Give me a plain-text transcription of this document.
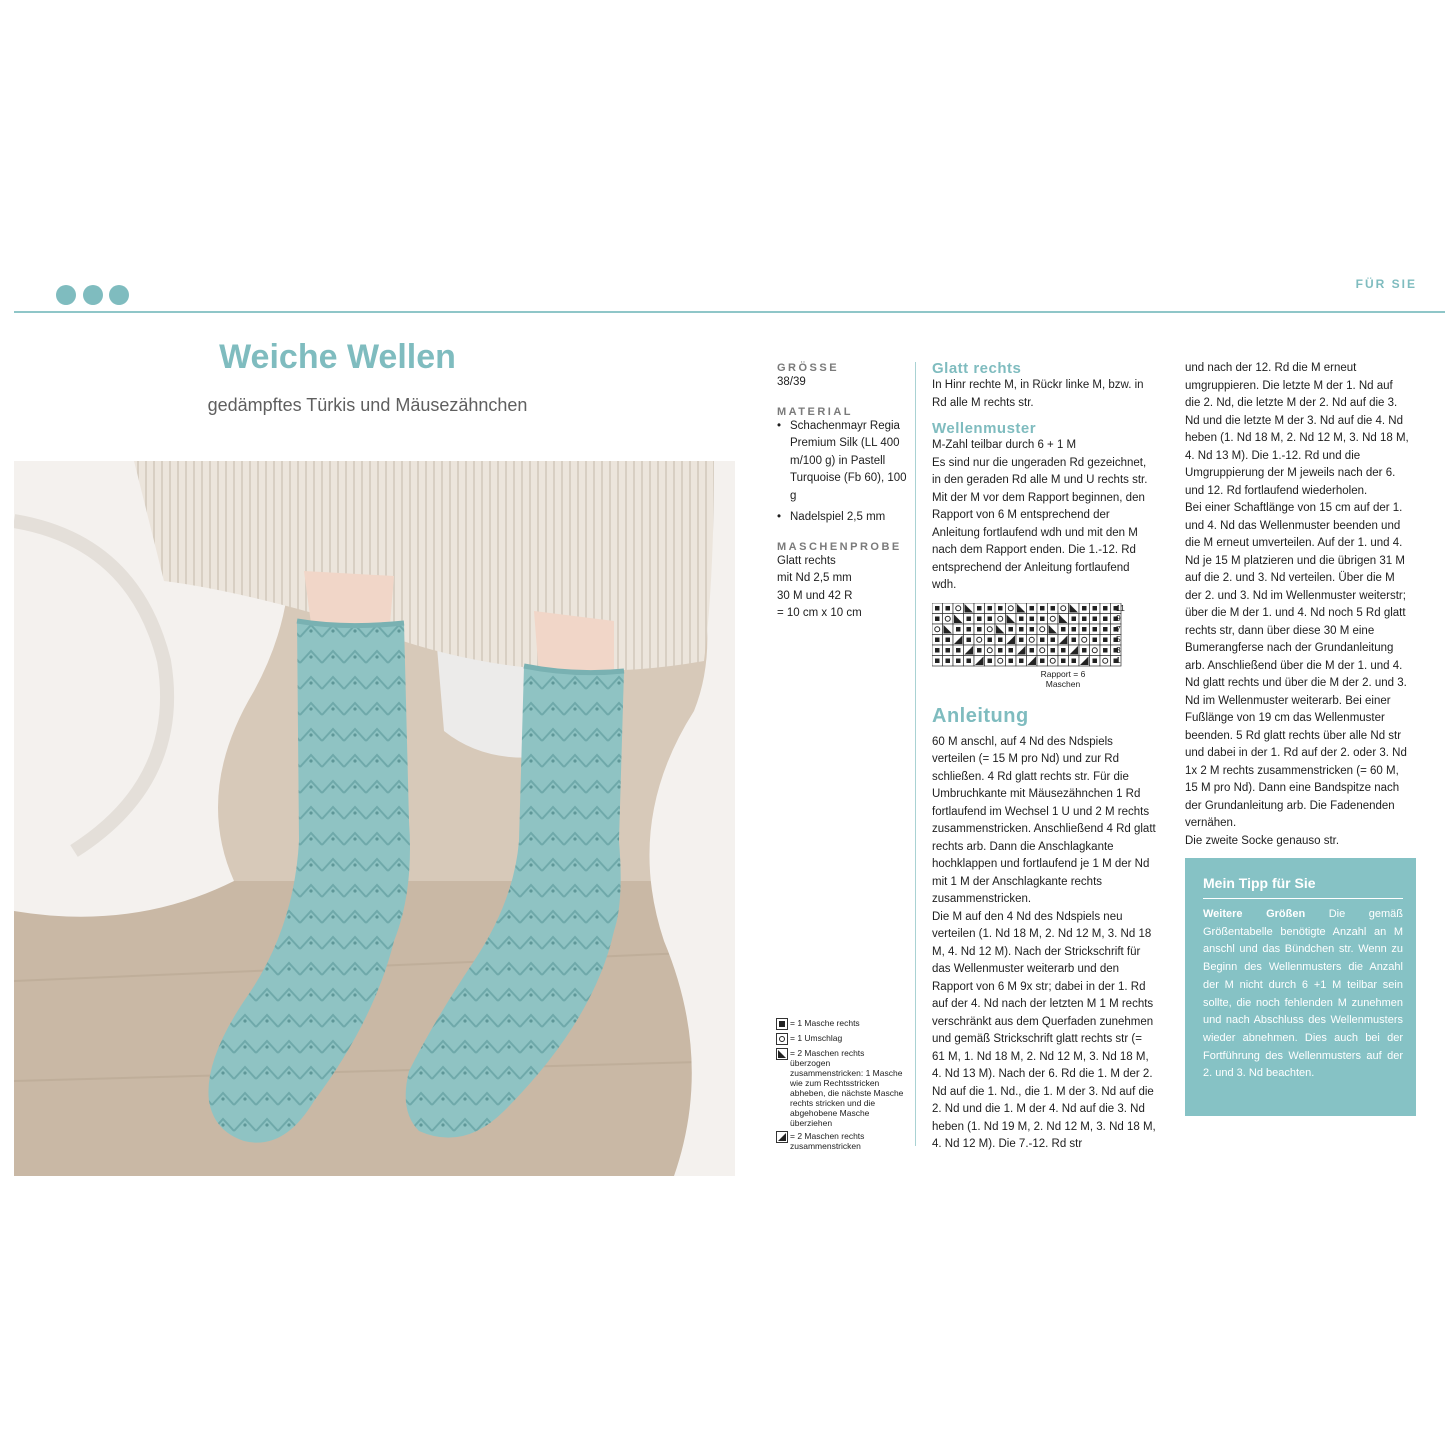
FÜR SIE
Weiche Wellen
gedämpftes Türkis und Mäusezähnchen
GRÖSSE
38/39
MATERIAL
• Schachenmayr Regia Premium Silk (LL 400 m/100 g) in Pastell Turquoise (Fb 60), 100 g
• Nadelspiel 2,5 mm
MASCHENPROBE
Glatt rechts
mit Nd 2,5 mm
30 M und 42 R
= 10 cm x 10 cm
= 1 Masche rechts
= 1 Umschlag
= 2 Maschen rechts überzogen zusammenstricken: 1 Masche wie zum Rechtsstricken abheben, die nächste Masche rechts stricken und die abgehobene Masche überziehen
= 2 Maschen rechts zusammenstricken
Glatt rechts
In Hinr rechte M, in Rückr linke M, bzw. in Rd alle M rechts str.
Wellenmuster
M-Zahl teilbar durch 6 + 1 M
Es sind nur die ungeraden Rd gezeichnet, in den geraden Rd alle M und U rechts str. Mit der M vor dem Rapport beginnen, den Rapport von 6 M entsprechend der Anleitung fortlaufend wdh und mit den M nach dem Rapport enden. Die 1.-12. Rd entsprechend der Anleitung fortlaufend wdh.
11
9
7
5
3
1
Rapport = 6 Maschen
Anleitung
60 M anschl, auf 4 Nd des Ndspiels verteilen (= 15 M pro Nd) und zur Rd schließen. 4 Rd glatt rechts str. Für die Umbruchkante mit Mäusezähnchen 1 Rd fortlaufend im Wechsel 1 U und 2 M rechts zusammenstricken. Anschließend 4 Rd glatt rechts arb. Dann die Anschlagkante hochklappen und fortlaufend je 1 M der Nd mit 1 M der Anschlagkante rechts zusammenstricken.
Die M auf den 4 Nd des Ndspiels neu verteilen (1. Nd 18 M, 2. Nd 12 M, 3. Nd 18 M, 4. Nd 12 M). Nach der Strickschrift für das Wellenmuster weiterarb und den Rapport von 6 M 9x str; dabei in der 1. Rd auf der 4. Nd nach der letzten M 1 M rechts verschränkt aus dem Querfaden zunehmen und gemäß Strickschrift glatt rechts str (= 61 M, 1. Nd 18 M, 2. Nd 12 M, 3. Nd 18 M, 4. Nd 13 M). Nach der 6. Rd die 1. M der 2. Nd auf die 1. Nd., die 1. M der 3. Nd auf die 2. Nd und die 1. M der 4. Nd auf die 3. Nd heben (1. Nd 19 M, 2. Nd 12 M, 3. Nd 18 M, 4. Nd 12 M). Die 7.-12. Rd str
und nach der 12. Rd die M erneut umgruppieren. Die letzte M der 1. Nd auf die 2. Nd, die letzte M der 2. Nd auf die 3. Nd und die letzte M der 3. Nd auf die 4. Nd heben (1. Nd 18 M, 2. Nd 12 M, 3. Nd 18 M, 4. Nd 13 M). Die 1.-12. Rd und die Umgruppierung der M jeweils nach der 6. und 12. Rd fortlaufend wiederholen.
Bei einer Schaftlänge von 15 cm auf der 1. und 4. Nd das Wellenmuster beenden und die M erneut umverteilen. Auf der 1. und 4. Nd je 15 M platzieren und die übrigen 31 M auf die 2. und 3. Nd verteilen. Über die M der 2. und 3. Nd im Wellenmuster weiterstr; über die M der 1. und 4. Nd noch 5 Rd glatt rechts str, dann über diese 30 M eine Bumerangferse nach der Grundanleitung arb. Anschließend über die M der 1. und 4. Nd glatt rechts und über die M der 2. und 3. Nd im Wellenmuster weiterarb. Bei einer Fußlänge von 19 cm das Wellenmuster beenden. 5 Rd glatt rechts über alle Nd str und dabei in der 1. Rd auf der 2. oder 3. Nd 1x 2 M rechts zusammenstricken (= 60 M, 15 M pro Nd). Dann eine Bandspitze nach der Grundanleitung arb. Die Fadenenden vernähen.
Die zweite Socke genauso str.
Mein Tipp für Sie
Weitere Größen Die gemäß Größentabelle benötigte Anzahl an M anschl und das Bündchen str. Wenn zu Beginn des Wellenmusters die Anzahl der M nicht durch 6 +1 M teilbar sein sollte, die noch fehlenden M zunehmen und nach Abschluss des Wellenmusters wieder abnehmen. Dies auch bei der Fortführung des Wellenmusters auf der 2. und 3. Nd beachten.
